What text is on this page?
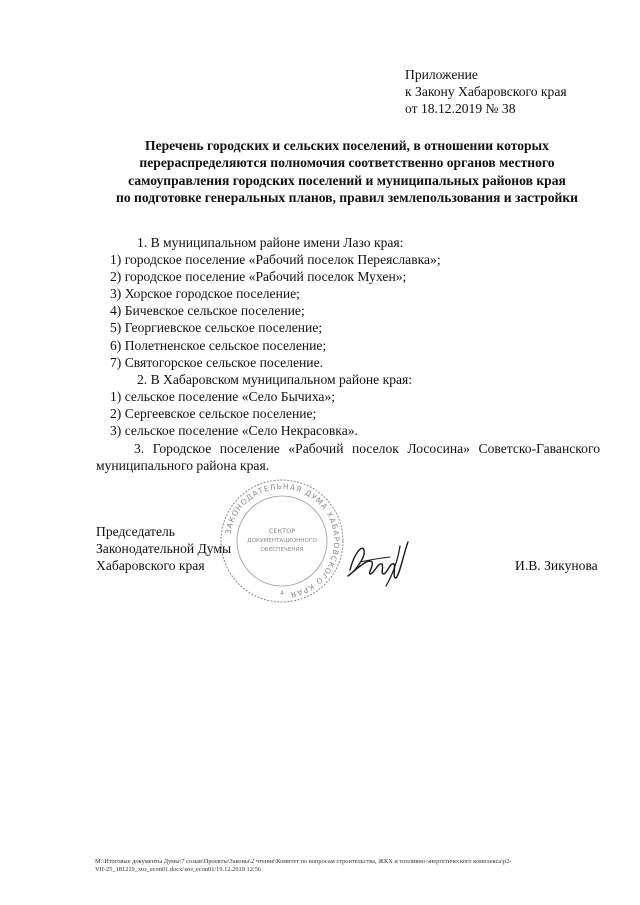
Приложение
к Закону Хабаровского края
от 18.12.2019 № 38
Перечень городских и сельских поселений, в отношении которых
перераспределяются полномочия соответственно органов местного
самоуправления городских поселений и муниципальных районов края
по подготовке генеральных планов, правил землепользования и застройки
1. В муниципальном районе имени Лазо края:
1) городское поселение «Рабочий поселок Переяславка»;
2) городское поселение «Рабочий поселок Мухен»;
3) Хорское городское поселение;
4) Бичевское сельское поселение;
5) Георгиевское сельское поселение;
6) Полетненское сельское поселение;
7) Святогорское сельское поселение.
2. В Хабаровском муниципальном районе края:
1) сельское поселение «Село Бычиха»;
2) Сергеевское сельское поселение;
3) сельское поселение «Село Некрасовка».
3. Городское поселение «Рабочий поселок Лососина» Советско-Гаванского
муниципального района края.
ЗАКОНОДАТЕЛЬНАЯ ДУМА ХАБАРОВСКОГО КРАЯ
СЕКТОР
ДОКУМЕНТАЦИОННОГО
ОБЕСПЕЧЕНИЯ
4
Председатель
Законодательной Думы
Хабаровского края	И.В. Зикунова
M:\Итоговые документы Думы\7 созыв\Проекты\Законы\2 чтение\Комитет по вопросам строительства, ЖКХ и топливно-энергетического комплекса\р2-
VII-25_181219_хоз_econ01.docx/хоз_econ01/19.12.2019 12:56
